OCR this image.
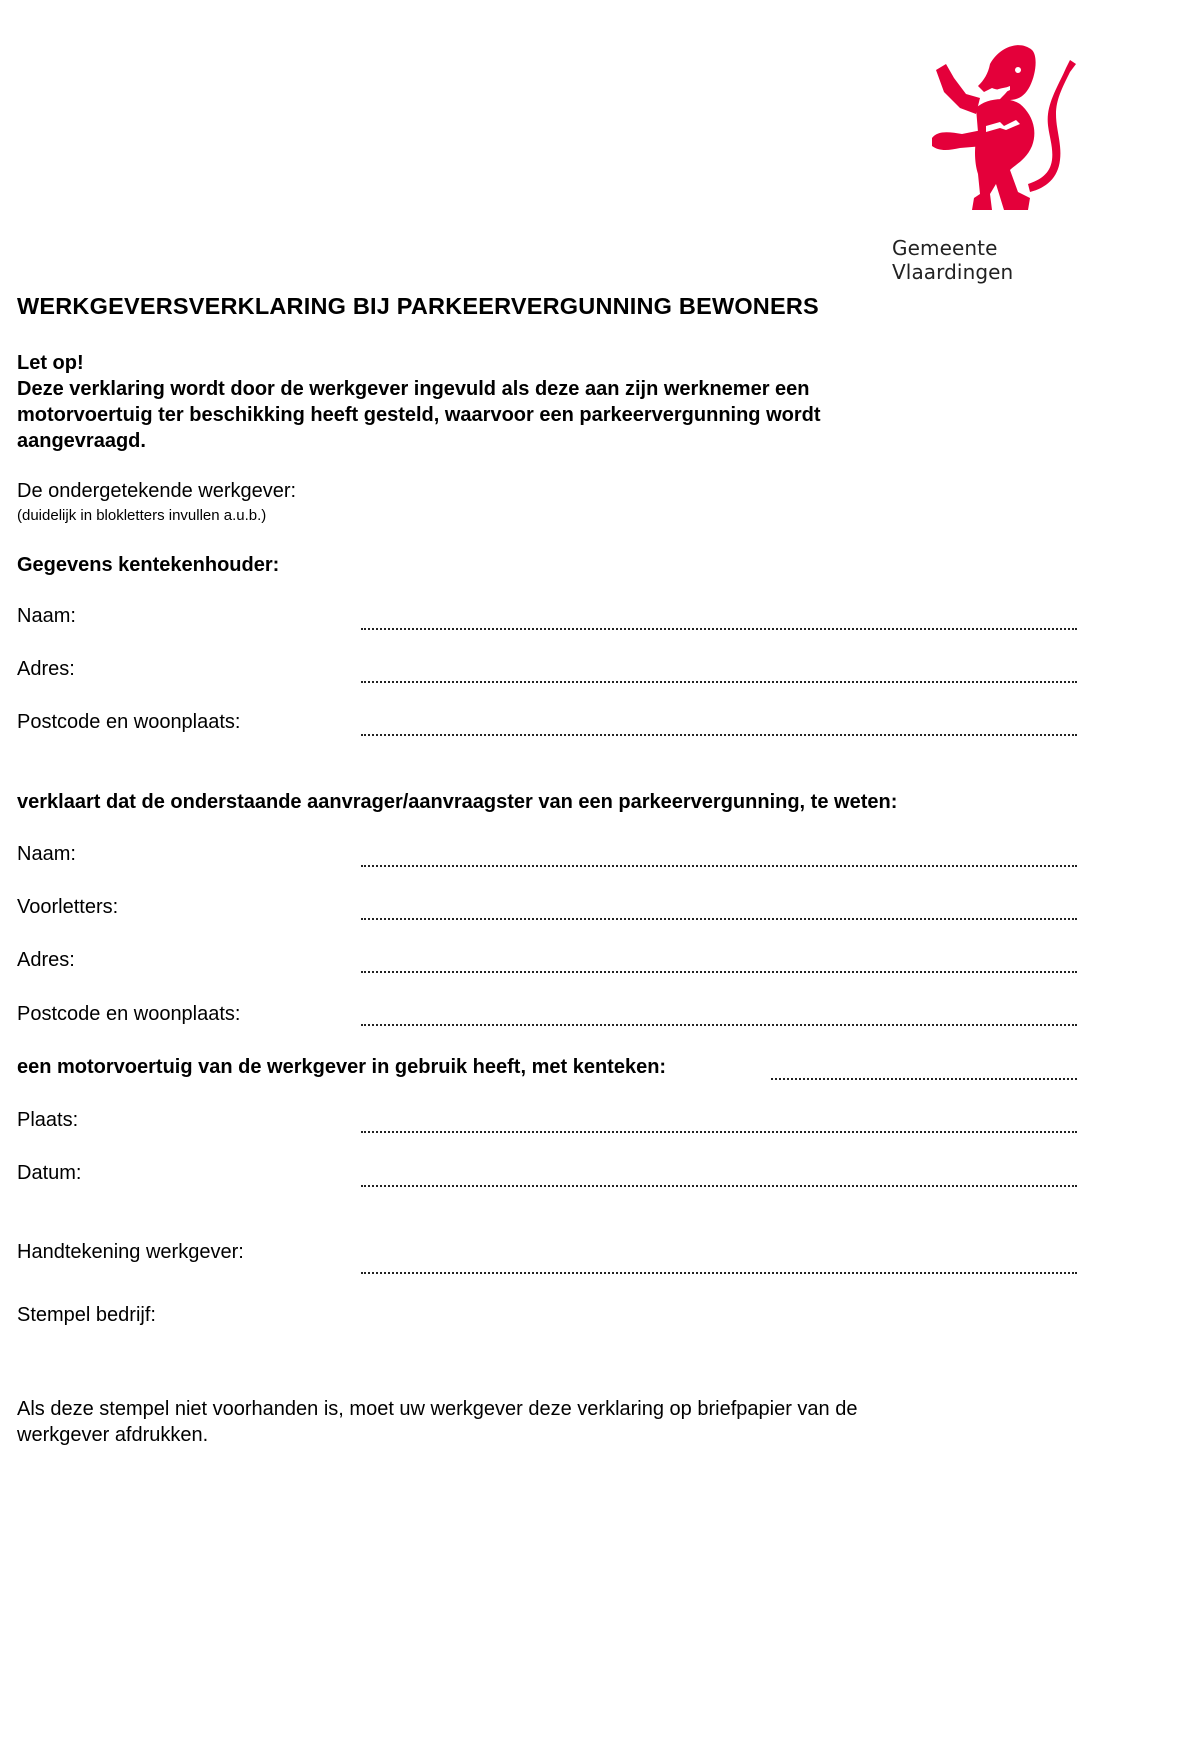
Gemeente Vlaardingen
WERKGEVERSVERKLARING BIJ PARKEERVERGUNNING BEWONERS
Let op!
Deze verklaring wordt door de werkgever ingevuld als deze aan zijn werknemer een
motorvoertuig ter beschikking heeft gesteld, waarvoor een parkeervergunning wordt
aangevraagd.
De ondergetekende werkgever:
(duidelijk in blokletters invullen a.u.b.)
Gegevens kentekenhouder:
Naam:
Adres:
Postcode en woonplaats:
verklaart dat de onderstaande aanvrager/aanvraagster van een parkeervergunning, te weten:
Naam:
Voorletters:
Adres:
Postcode en woonplaats:
een motorvoertuig van de werkgever in gebruik heeft, met kenteken:
Plaats:
Datum:
Handtekening werkgever:
Stempel bedrijf:
Als deze stempel niet voorhanden is, moet uw werkgever deze verklaring op briefpapier van de
werkgever afdrukken.
